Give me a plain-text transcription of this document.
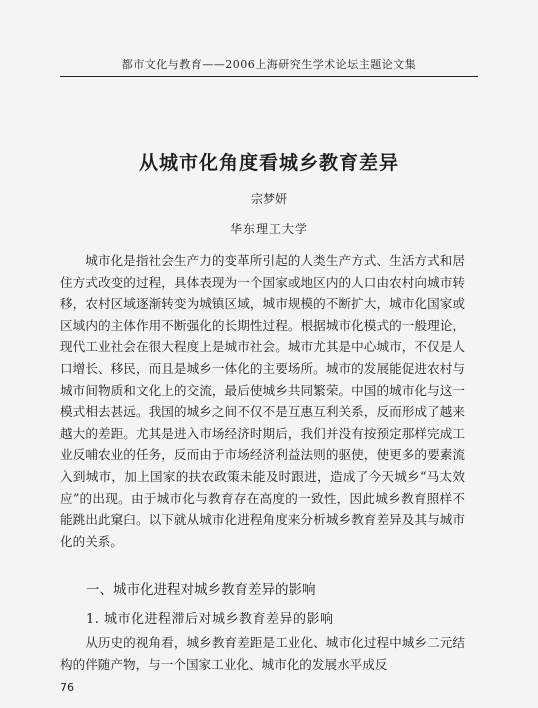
都市文化与教育——2006上海研究生学术论坛主题论文集
从城市化角度看城乡教育差异
宗梦妍
华东理工大学

城市化是指社会生产力的变革所引起的人类生产方式、生活方式和居住方式改变的过程，具体表现为一个国家或地区内的人口由农村向城市转移，农村区域逐渐转变为城镇区域，城市规模的不断扩大，城市化国家或区域内的主体作用不断强化的长期性过程。根据城市化模式的一般理论，现代工业社会在很大程度上是城市社会。城市尤其是中心城市，不仅是人口增长、移民，而且是城乡一体化的主要场所。城市的发展能促进农村与城市间物质和文化上的交流，最后使城乡共同繁荣。中国的城市化与这一模式相去甚远。我国的城乡之间不仅不是互惠互利关系，反而形成了越来越大的差距。尤其是进入市场经济时期后，我们并没有按预定那样完成工业反哺农业的任务，反而由于市场经济利益法则的驱使，使更多的要素流入到城市，加上国家的扶农政策未能及时跟进，造成了今天城乡“马太效应”的出现。由于城市化与教育存在高度的一致性，因此城乡教育照样不能跳出此窠臼。以下就从城市化进程角度来分析城乡教育差异及其与城市化的关系。

一、城市化进程对城乡教育差异的影响
1. 城市化进程滞后对城乡教育差异的影响

从历史的视角看，城乡教育差距是工业化、城市化过程中城乡二元结构的伴随产物，与一个国家工业化、城市化的发展水平成反

76
